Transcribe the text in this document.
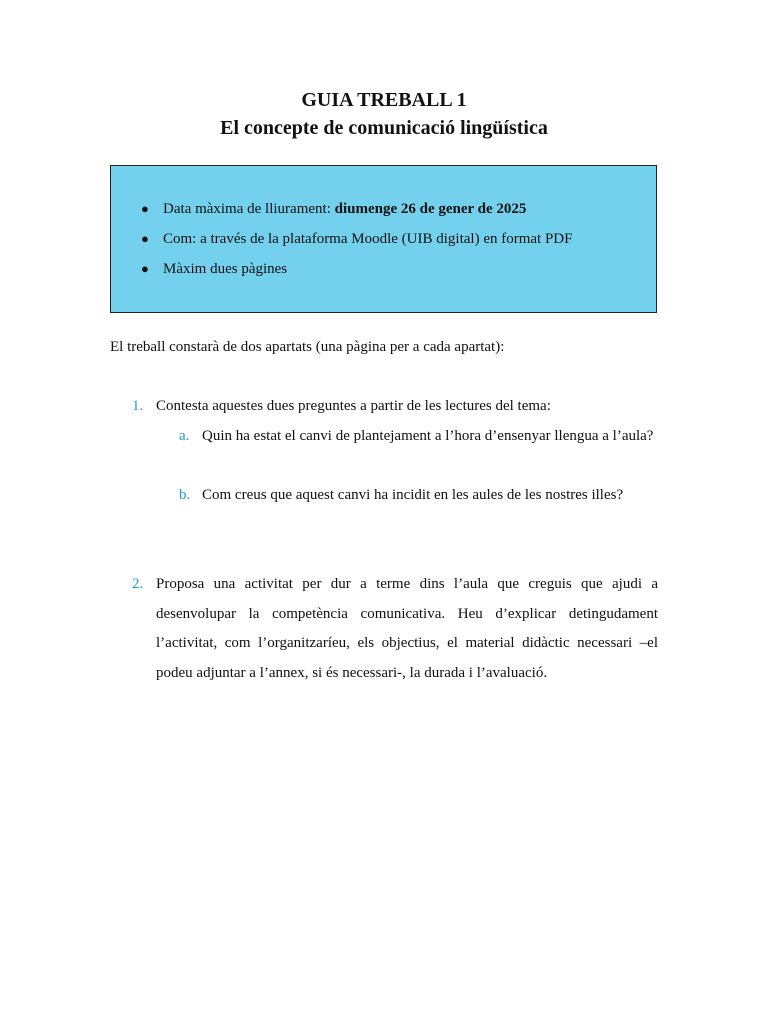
GUIA TREBALL 1
El concepte de comunicació lingüística
● Data màxima de lliurament: diumenge 26 de gener de 2025
● Com: a través de la plataforma Moodle (UIB digital) en format PDF
● Màxim dues pàgines
El treball constarà de dos apartats (una pàgina per a cada apartat):
1. Contesta aquestes dues preguntes a partir de les lectures del tema:
a. Quin ha estat el canvi de plantejament a l’hora d’ensenyar llengua a l’aula?
b. Com creus que aquest canvi ha incidit en les aules de les nostres illes?
2. Proposa una activitat per dur a terme dins l’aula que creguis que ajudi a desenvolupar la competència comunicativa. Heu d’explicar detingudament l’activitat, com l’organitzaríeu, els objectius, el material didàctic necessari –el podeu adjuntar a l’annex, si és necessari-, la durada i l’avaluació.
